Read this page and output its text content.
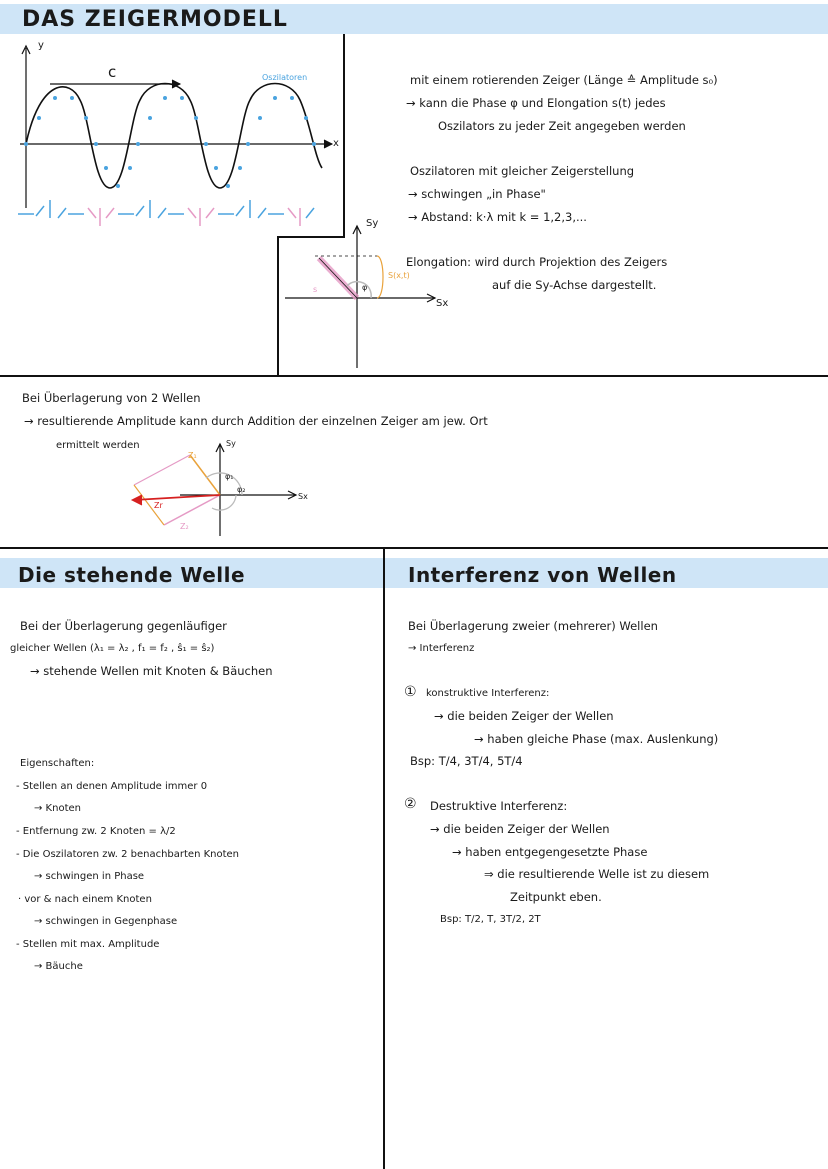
DAS ZEIGERMODELL
y
x
c	Oszilatoren
Sy
Sx
s	φ
S(x,t)
mit einem rotierenden Zeiger (Länge ≙ Amplitude s₀)
→ kann die Phase φ und Elongation s(t) jedes
Oszilators zu jeder Zeit angegeben werden
Oszilatoren mit gleicher Zeigerstellung
→ schwingen „in Phase"
→ Abstand: k·λ mit k = 1,2,3,...
Elongation: wird durch Projektion des Zeigers
auf die Sy-Achse dargestellt.
Bei Überlagerung von 2 Wellen
→ resultierende Amplitude kann durch Addition der einzelnen Zeiger am jew. Ort
ermittelt werden	Sy
Sx
Z₁
Z₂
Zr
φ₁
φ₂
Die stehende Welle
Bei der Überlagerung gegenläufiger
gleicher Wellen (λ₁ = λ₂ , f₁ = f₂ , ŝ₁ = ŝ₂)
→ stehende Wellen mit Knoten & Bäuchen
Eigenschaften:
- Stellen an denen Amplitude immer 0
→ Knoten
- Entfernung zw. 2 Knoten = λ/2
- Die Oszilatoren zw. 2 benachbarten Knoten
→ schwingen in Phase
· vor & nach einem Knoten
→ schwingen in Gegenphase
- Stellen mit max. Amplitude
→ Bäuche
Interferenz von Wellen
Bei Überlagerung zweier (mehrerer) Wellen
→ Interferenz
① konstruktive Interferenz:
→ die beiden Zeiger der Wellen
→ haben gleiche Phase (max. Auslenkung)
Bsp: T/4, 3T/4, 5T/4
② Destruktive Interferenz:
→ die beiden Zeiger der Wellen
→ haben entgegengesetzte Phase
⇒ die resultierende Welle ist zu diesem
Zeitpunkt eben.
Bsp: T/2, T, 3T/2, 2T
